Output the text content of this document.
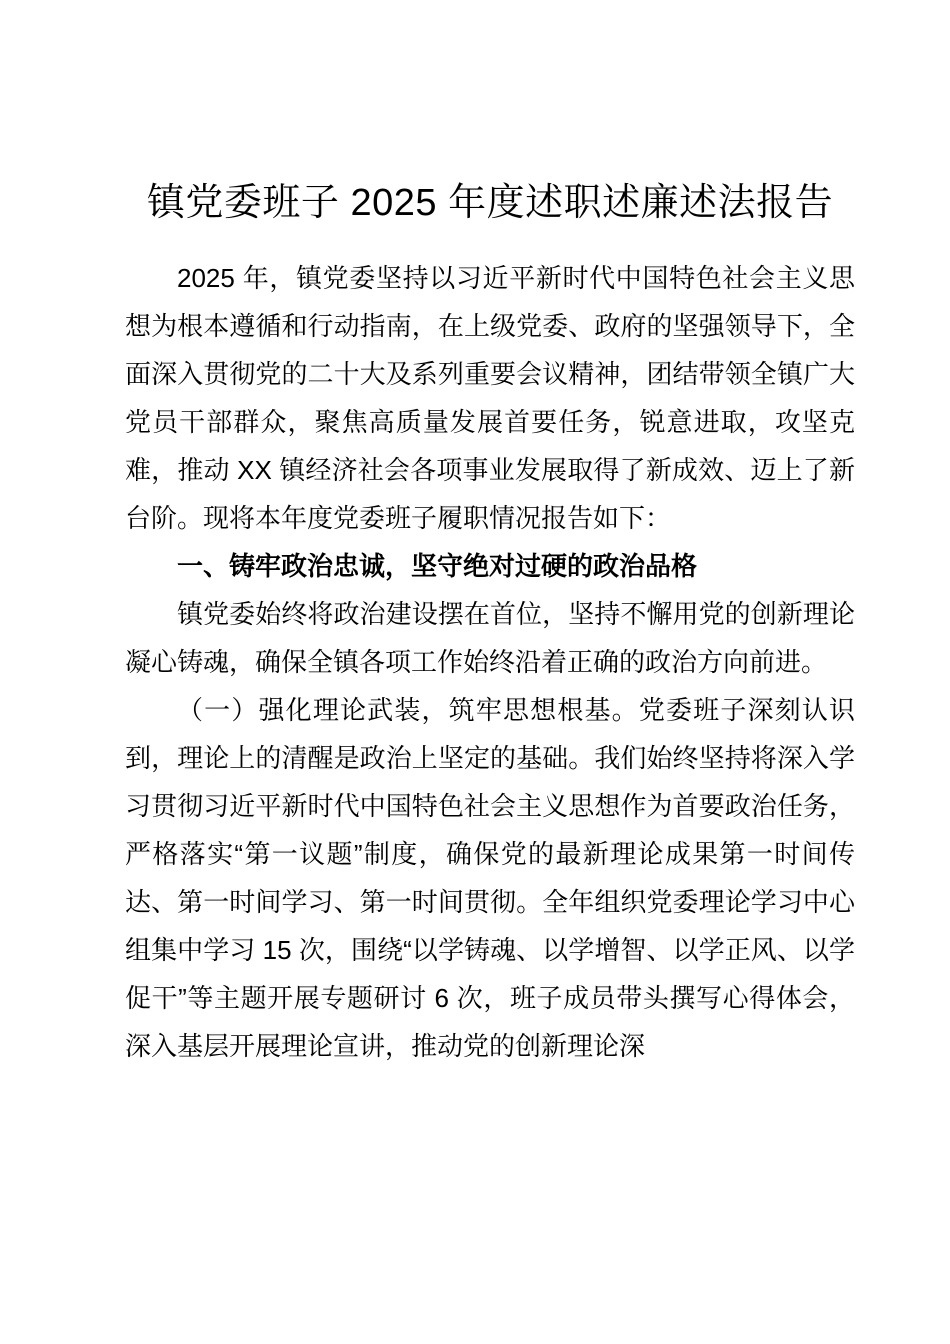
镇党委班子 2025 年度述职述廉述法报告

2025 年，镇党委坚持以习近平新时代中国特色社会主义思想为根本遵循和行动指南，在上级党委、政府的坚强领导下，全面深入贯彻党的二十大及系列重要会议精神，团结带领全镇广大党员干部群众，聚焦高质量发展首要任务，锐意进取，攻坚克难，推动 XX 镇经济社会各项事业发展取得了新成效、迈上了新台阶。现将本年度党委班子履职情况报告如下：

一、铸牢政治忠诚，坚守绝对过硬的政治品格

镇党委始终将政治建设摆在首位，坚持不懈用党的创新理论凝心铸魂，确保全镇各项工作始终沿着正确的政治方向前进。

（一）强化理论武装，筑牢思想根基。党委班子深刻认识到，理论上的清醒是政治上坚定的基础。我们始终坚持将深入学习贯彻习近平新时代中国特色社会主义思想作为首要政治任务，严格落实“第一议题”制度，确保党的最新理论成果第一时间传达、第一时间学习、第一时间贯彻。全年组织党委理论学习中心组集中学习 15 次，围绕“以学铸魂、以学增智、以学正风、以学促干”等主题开展专题研讨 6 次，班子成员带头撰写心得体会，深入基层开展理论宣讲，推动党的创新理论深
